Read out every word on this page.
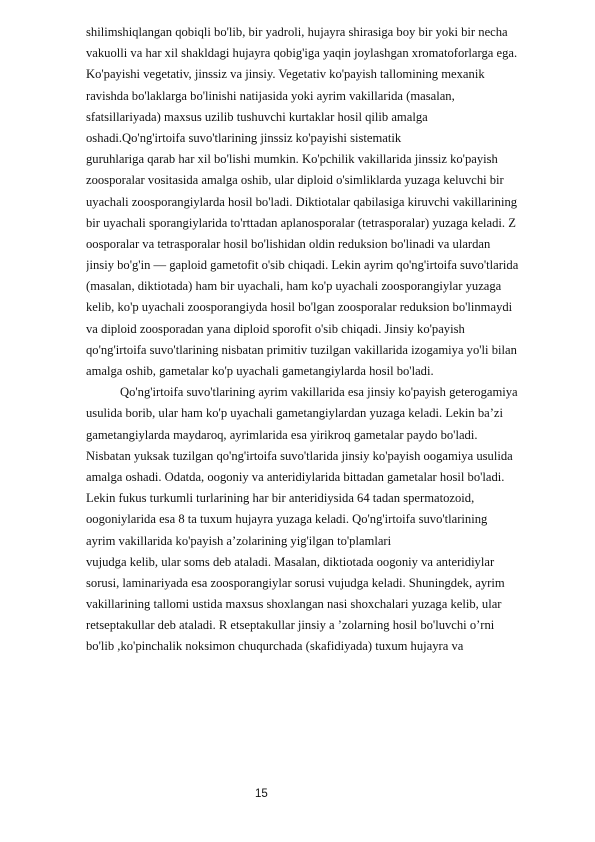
shilimshiqlangan qobiqli bo'lib, bir yadroli, hujayra shirasiga boy bir yoki bir necha
vakuolli va har xil shakldagi hujayra qobig'iga yaqin joylashgan xromatoforlarga ega.
Ko'payishi vegetativ, jinssiz va jinsiy. Vegetativ ko'payish tallomining mexanik
ravishda bo'laklarga bo'linishi natijasida yoki ayrim vakillarida (masalan,
sfatsillariyada) maxsus uzilib tushuvchi kurtaklar hosil qilib amalga
oshadi.Qo'ng'irtoifa suvo'tlarining jinssiz ko'payishi sistematik
guruhlariga qarab har xil bo'lishi mumkin. Ko'pchilik vakillarida jinssiz ko'payish
zoosporalar vositasida amalga oshib, ular diploid o'simliklarda yuzaga keluvchi bir
uyachali zoosporangiylarda hosil bo'ladi. Diktiotalar qabilasiga kiruvchi vakillarining
bir uyachali sporangiylarida to'rttadan aplanosporalar (tetrasporalar) yuzaga keladi. Z
oosporalar va tetrasporalar hosil bo'lishidan oldin reduksion bo'linadi va ulardan
jinsiy bo'g'in — gaploid gametofit o'sib chiqadi. Lekin ayrim qo'ng'irtoifa suvo'tlarida
(masalan, diktiotada) ham bir uyachali, ham ko'p uyachali zoosporangiylar yuzaga
kelib, ko'p uyachali zoosporangiyda hosil bo'lgan zoosporalar reduksion bo'linmaydi
va diploid zoosporadan yana diploid sporofit o'sib chiqadi. Jinsiy ko'payish
qo'ng'irtoifa suvo'tlarining nisbatan primitiv tuzilgan vakillarida izogamiya yo'li bilan
amalga oshib, gametalar ko'p uyachali gametangiylarda hosil bo'ladi.
Qo'ng'irtoifa suvo'tlarining ayrim vakillarida esa jinsiy ko'payish geterogamiya
usulida borib, ular ham ko'p uyachali gametangiylardan yuzaga keladi. Lekin ba’zi
gametangiylarda maydaroq, ayrimlarida esa yirikroq gametalar paydo bo'ladi.
Nisbatan yuksak tuzilgan qo'ng'irtoifa suvo'tlarida jinsiy ko'payish oogamiya usulida
amalga oshadi. Odatda, oogoniy va anteridiylarida bittadan gametalar hosil bo'ladi.
Lekin fukus turkumli turlarining har bir anteridiysida 64 tadan spermatozoid,
oogoniylarida esa 8 ta tuxum hujayra yuzaga keladi. Qo'ng'irtoifa suvo'tlarining
ayrim vakillarida ko'payish a’zolarining yig'ilgan to'plamlari
vujudga kelib, ular soms deb ataladi. Masalan, diktiotada oogoniy va anteridiylar
sorusi, laminariyada esa zoosporangiylar sorusi vujudga keladi. Shuningdek, ayrim
vakillarining tallomi ustida maxsus shoxlangan nasi shoxchalari yuzaga kelib, ular
retseptakullar deb ataladi. R etseptakullar jinsiy a ’zolarning hosil bo'luvchi o’rni
bo'lib ,ko'pinchalik noksimon chuqurchada (skafidiyada) tuxum hujayra va
15
